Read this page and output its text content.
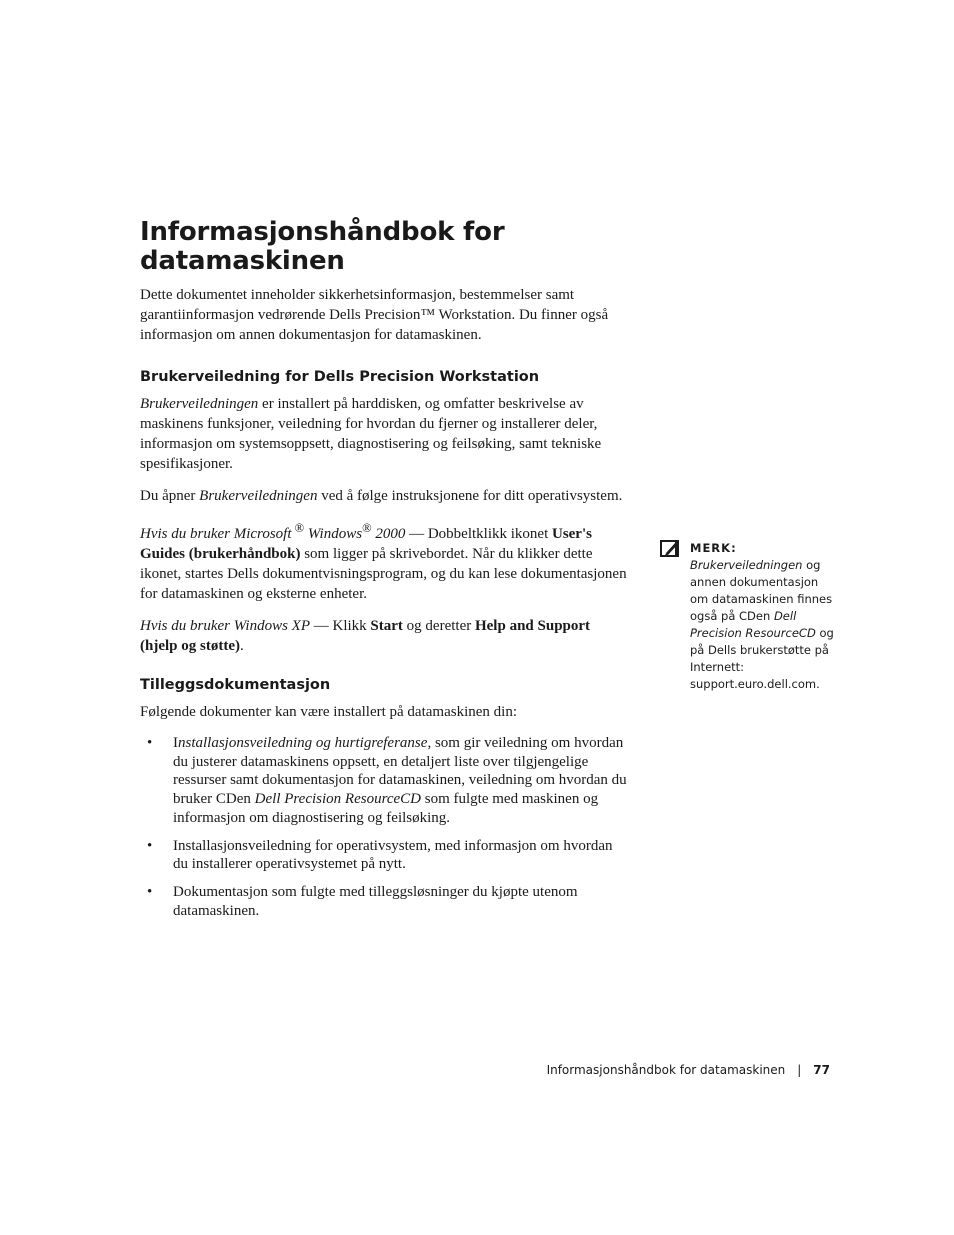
Informasjonshåndbok for datamaskinen

Dette dokumentet inneholder sikkerhetsinformasjon, bestemmelser samt garantiinformasjon vedrørende Dells Precision™ Workstation. Du finner også informasjon om annen dokumentasjon for datamaskinen.

Brukerveiledning for Dells Precision Workstation

Brukerveiledningen er installert på harddisken, og omfatter beskrivelse av maskinens funksjoner, veiledning for hvordan du fjerner og installerer deler, informasjon om systemsoppsett, diagnostisering og feilsøking, samt tekniske spesifikasjoner.

Du åpner Brukerveiledningen ved å følge instruksjonene for ditt operativsystem.

Hvis du bruker Microsoft ® Windows® 2000 — Dobbeltklikk ikonet User's Guides (brukerhåndbok) som ligger på skrivebordet. Når du klikker dette ikonet, startes Dells dokumentvisningsprogram, og du kan lese dokumentasjonen for datamaskinen og eksterne enheter.

Hvis du bruker Windows XP — Klikk Start og deretter Help and Support (hjelp og støtte).

Tilleggsdokumentasjon

Følgende dokumenter kan være installert på datamaskinen din:

• Installasjonsveiledning og hurtigreferanse, som gir veiledning om hvordan du justerer datamaskinens oppsett, en detaljert liste over tilgjengelige ressurser samt dokumentasjon for datamaskinen, veiledning om hvordan du bruker CDen Dell Precision ResourceCD som fulgte med maskinen og informasjon om diagnostisering og feilsøking.
• Installasjonsveiledning for operativsystem, med informasjon om hvordan du installerer operativsystemet på nytt.
• Dokumentasjon som fulgte med tilleggsløsninger du kjøpte utenom datamaskinen.
MERK:
Brukerveiledningen og annen dokumentasjon om datamaskinen finnes også på CDen Dell Precision ResourceCD og på Dells brukerstøtte på Internett: support.euro.dell.com.
Informasjonshåndbok for datamaskinen | 77
